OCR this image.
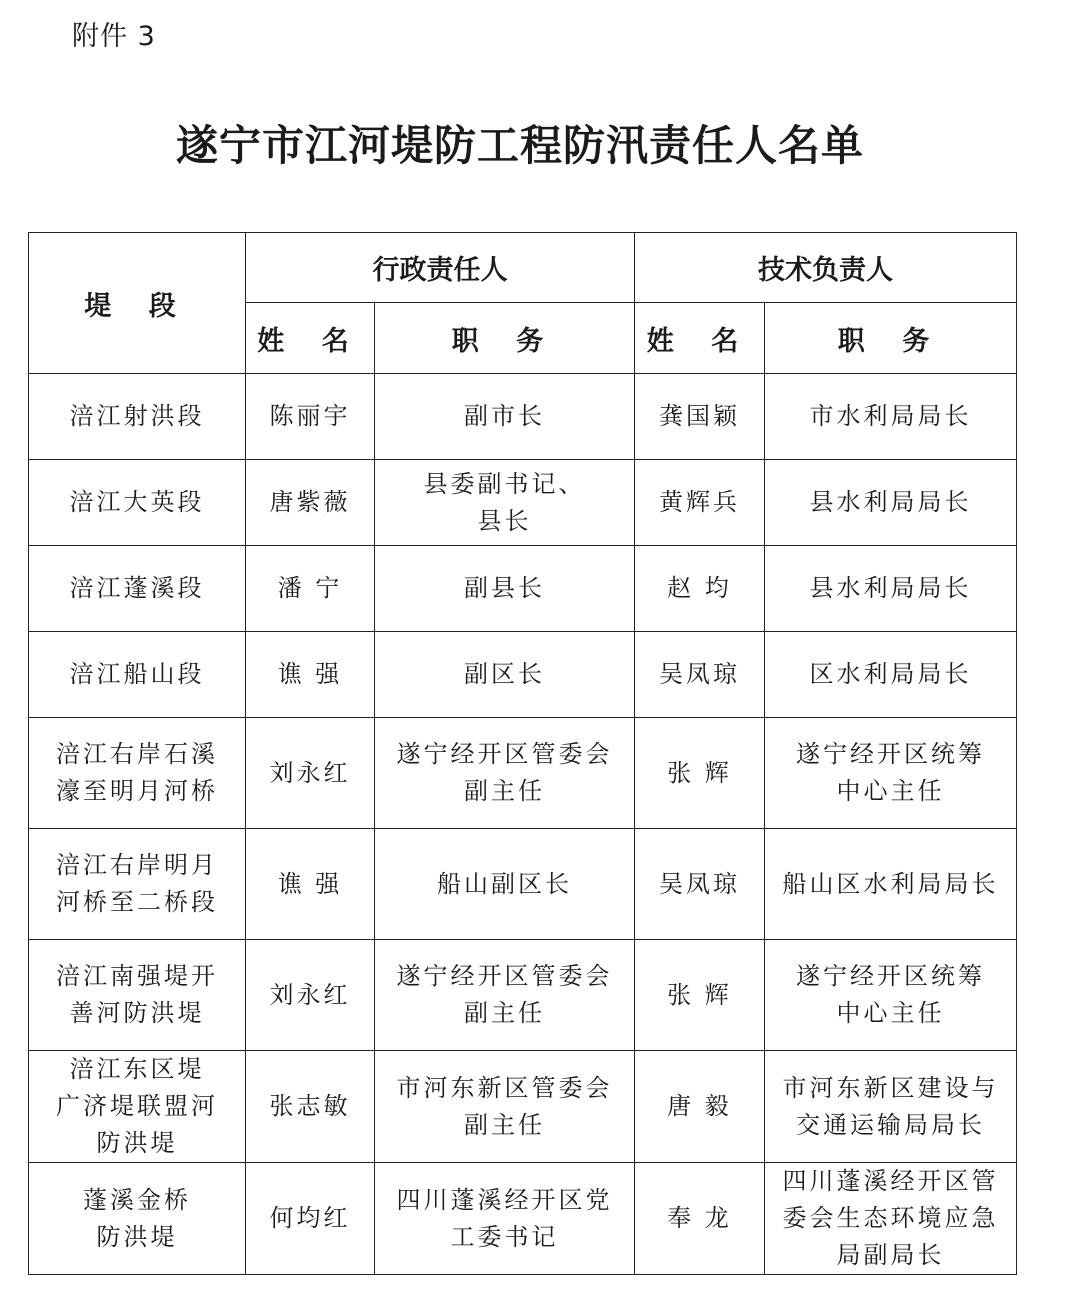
附件 3
遂宁市江河堤防工程防汛责任人名单
堤 段	行政责任人		技术负责人	
	姓 名	职 务	姓 名	职 务

涪江射洪段	陈丽宇	副市长	龚国颖	市水利局局长

涪江大英段	唐紫薇	县委副书记、
县长	黄辉兵	县水利局局长

涪江蓬溪段	潘 宁	副县长	赵 均	县水利局局长

涪江船山段	谯 强	副区长	吴凤琼	区水利局局长

涪江右岸石溪
濠至明月河桥	刘永红	遂宁经开区管委会
副主任	张 辉	遂宁经开区统筹
中心主任

涪江右岸明月
河桥至二桥段	谯 强	船山副区长	吴凤琼	船山区水利局局长

涪江南强堤开
善河防洪堤	刘永红	遂宁经开区管委会
副主任	张 辉	遂宁经开区统筹
中心主任

涪江东区堤
广济堤联盟河
防洪堤	张志敏	市河东新区管委会
副主任	唐 毅	市河东新区建设与
交通运输局局长

蓬溪金桥
防洪堤	何均红	四川蓬溪经开区党
工委书记	奉 龙	四川蓬溪经开区管
委会生态环境应急
局副局长
